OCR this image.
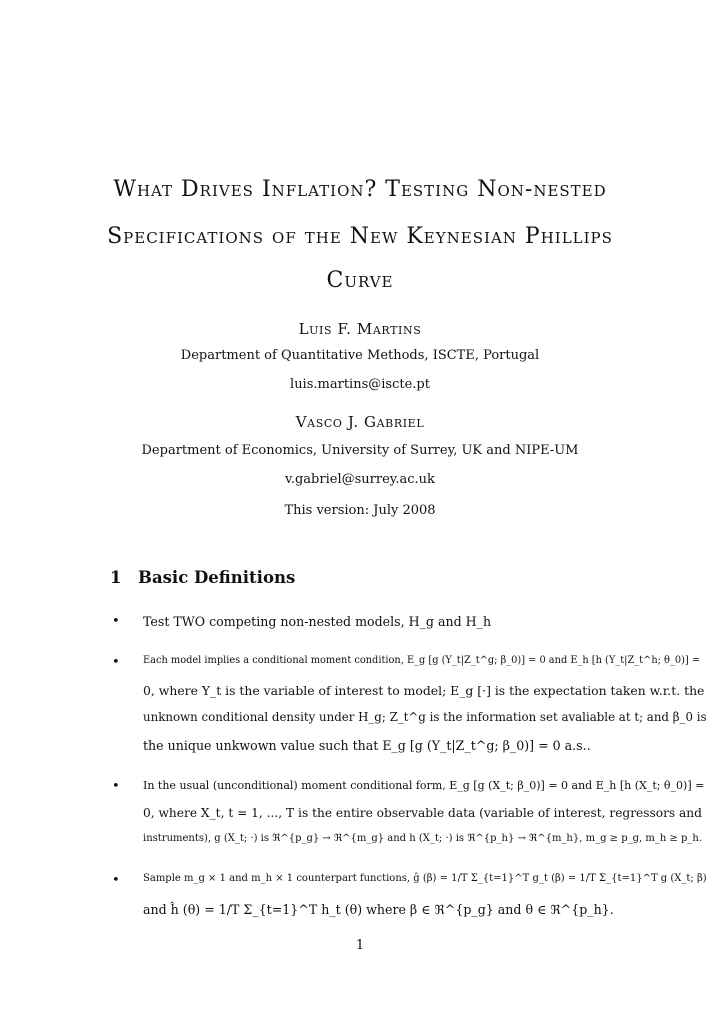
What Drives Inflation? Testing Non-nested
Specifications of the New Keynesian Phillips
Curve
Luis F. Martins
Department of Quantitative Methods, ISCTE, Portugal
luis.martins@iscte.pt
Vasco J. Gabriel
Department of Economics, University of Surrey, UK and NIPE-UM
v.gabriel@surrey.ac.uk
This version: July 2008
1 Basic Definitions
• Test TWO competing non-nested models, H_g and H_h
• Each model implies a conditional moment condition, E_g [g (Y_t|Z_t^g; β_0)] = 0 and E_h [h (Y_t|Z_t^h; θ_0)] =
0, where Y_t is the variable of interest to model; E_g [·] is the expectation taken w.r.t. the
unknown conditional density under H_g; Z_t^g is the information set avaliable at t; and β_0 is
the unique unkwown value such that E_g [g (Y_t|Z_t^g; β_0)] = 0 a.s..
• In the usual (unconditional) moment conditional form, E_g [g (X_t; β_0)] = 0 and E_h [h (X_t; θ_0)] =
0, where X_t, t = 1, ..., T is the entire observable data (variable of interest, regressors and
instruments), g (X_t; ·) is ℜ^{p_g} → ℜ^{m_g} and h (X_t; ·) is ℜ^{p_h} → ℜ^{m_h}, m_g ≥ p_g, m_h ≥ p_h.
• Sample m_g × 1 and m_h × 1 counterpart functions, ĝ (β) = 1/T Σ_{t=1}^T g_t (β) = 1/T Σ_{t=1}^T g (X_t; β)
and ĥ (θ) = 1/T Σ_{t=1}^T h_t (θ) where β ∈ ℜ^{p_g} and θ ∈ ℜ^{p_h}.
1
